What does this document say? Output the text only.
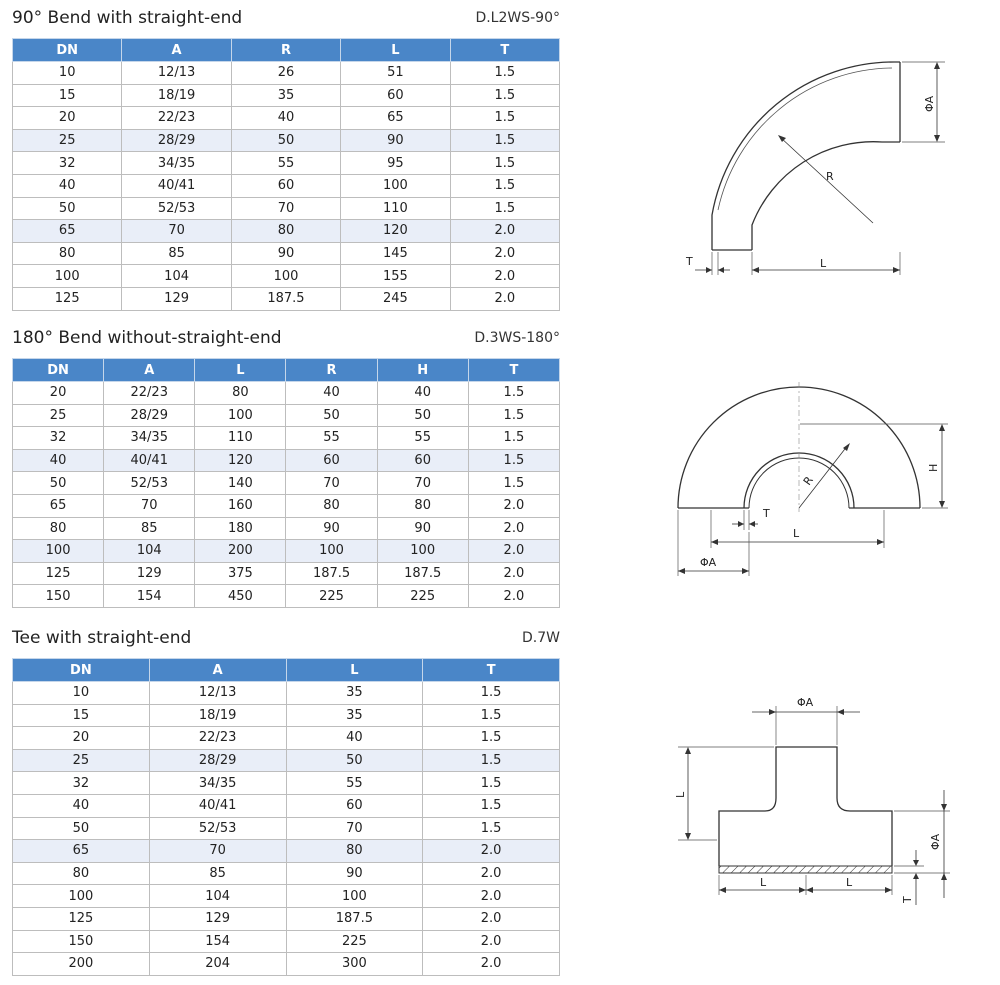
90° Bend with straight-end	D.L2WS-90°
DN	A	R	L	T
10	12/13	26	51	1.5
15	18/19	35	60	1.5
20	22/23	40	65	1.5
25	28/29	50	90	1.5
32	34/35	55	95	1.5
40	40/41	60	100	1.5
50	52/53	70	110	1.5
65	70	80	120	2.0
80	85	90	145	2.0
100	104	100	155	2.0
125	129	187.5	245	2.0
180° Bend without-straight-end	D.3WS-180°
DN	A	L	R	H	T
20	22/23	80	40	40	1.5
25	28/29	100	50	50	1.5
32	34/35	110	55	55	1.5
40	40/41	120	60	60	1.5
50	52/53	140	70	70	1.5
65	70	160	80	80	2.0
80	85	180	90	90	2.0
100	104	200	100	100	2.0
125	129	375	187.5	187.5	2.0
150	154	450	225	225	2.0
Tee with straight-end	D.7W
DN	A	L	T
10	12/13	35	1.5
15	18/19	35	1.5
20	22/23	40	1.5
25	28/29	50	1.5
32	34/35	55	1.5
40	40/41	60	1.5
50	52/53	70	1.5
65	70	80	2.0
80	85	90	2.0
100	104	100	2.0
125	129	187.5	2.0
150	154	225	2.0
200	204	300	2.0
ΦA
R
T	L
R
H
T
L
ΦA
ΦA
L
ΦA
L	L
T
